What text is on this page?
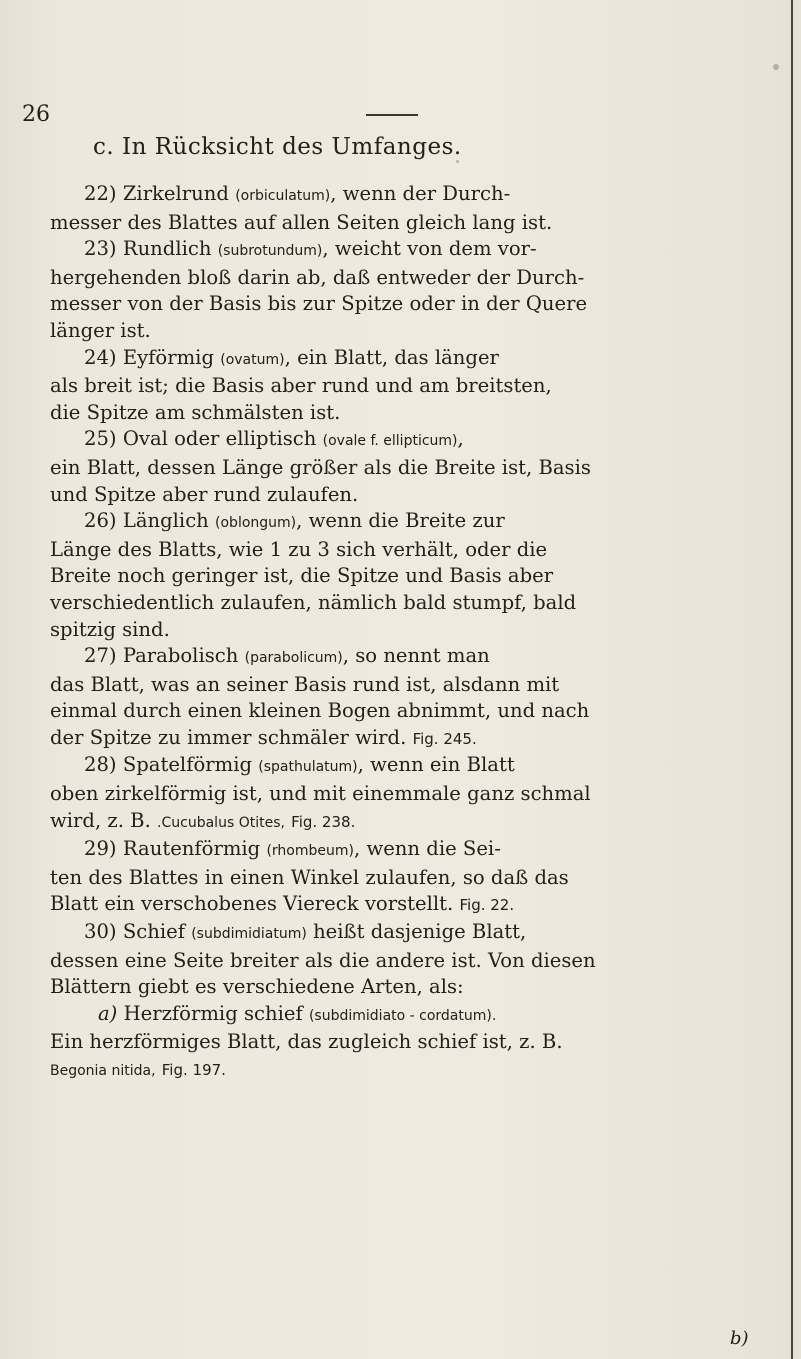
26
c. In Rücksicht des Umfanges.

22) Zirkelrund (orbiculatum), wenn der Durch-
messer des Blattes auf allen Seiten gleich lang ist.

23) Rundlich (subrotundum), weicht von dem vor-
hergehenden bloß darin ab, daß entweder der Durch-
messer von der Basis bis zur Spitze oder in der Quere
länger ist.

24) Eyförmig (ovatum), ein Blatt, das länger
als breit ist; die Basis aber rund und am breitsten,
die Spitze am schmälsten ist.

25) Oval oder elliptisch (ovale f. ellipticum),
ein Blatt, dessen Länge größer als die Breite ist, Basis
und Spitze aber rund zulaufen.

26) Länglich (oblongum), wenn die Breite zur
Länge des Blatts, wie 1 zu 3 sich verhält, oder die
Breite noch geringer ist, die Spitze und Basis aber
verschiedentlich zulaufen, nämlich bald stumpf, bald
spitzig sind.

27) Parabolisch (parabolicum), so nennt man
das Blatt, was an seiner Basis rund ist, alsdann mit
einmal durch einen kleinen Bogen abnimmt, und nach
der Spitze zu immer schmäler wird. Fig. 245.

28) Spatelförmig (spathulatum), wenn ein Blatt
oben zirkelförmig ist, und mit einemmale ganz schmal
wird, z. B. .Cucubalus Otites, Fig. 238.

29) Rautenförmig (rhombeum), wenn die Sei-
ten des Blattes in einen Winkel zulaufen, so daß das
Blatt ein verschobenes Viereck vorstellt. Fig. 22.

30) Schief (subdimidiatum) heißt dasjenige Blatt,
dessen eine Seite breiter als die andere ist. Von diesen
Blättern giebt es verschiedene Arten, als:

a) Herzförmig schief (subdimidiato - cordatum).
Ein herzförmiges Blatt, das zugleich schief ist, z. B.
Begonia nitida, Fig. 197.

b)
